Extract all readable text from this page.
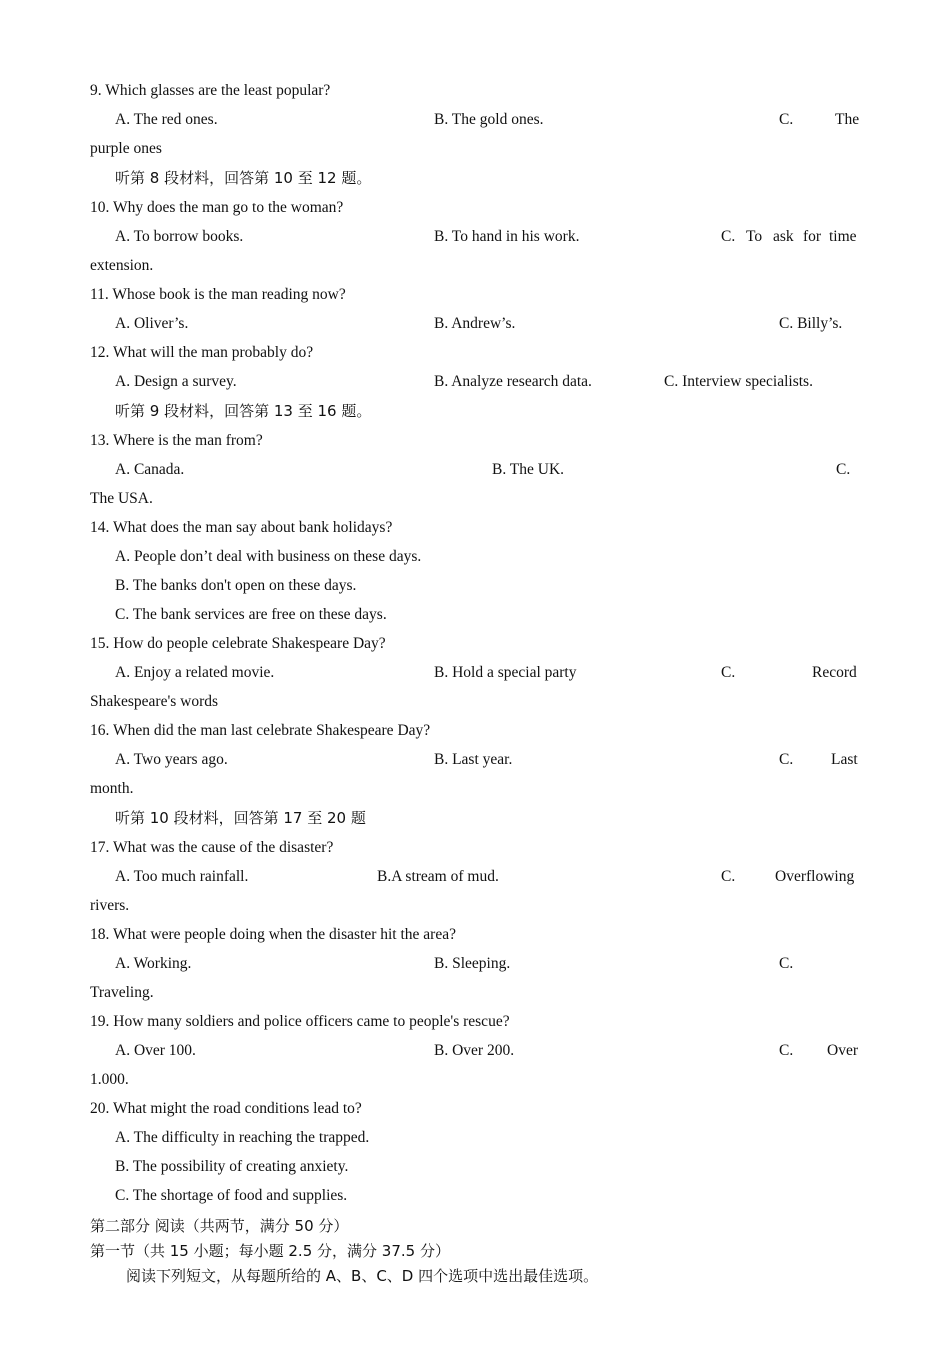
9. Which glasses are the least popular?
A. The red ones.	B. The gold ones.	C.	The
purple ones
听第 8 段材料，回答第 10 至 12 题。
10. Why does the man go to the woman?
A. To borrow books.	B. To hand in his work.	C. To ask for time
extension.
11. Whose book is the man reading now?
A. Oliver’s.	B. Andrew’s.	C. Billy’s.
12. What will the man probably do?
A. Design a survey.	B. Analyze research data.	C. Interview specialists.
听第 9 段材料，回答第 13 至 16 题。
13. Where is the man from?
A. Canada.	B. The UK.	C.
The USA.
14. What does the man say about bank holidays?
A. People don’t deal with business on these days.
B. The banks don't open on these days.
C. The bank services are free on these days.
15. How do people celebrate Shakespeare Day?
A. Enjoy a related movie.	B. Hold a special party	C.	Record
Shakespeare's words
16. When did the man last celebrate Shakespeare Day?
A. Two years ago.	B. Last year.	C. Last
month.
听第 10 段材料，回答第 17 至 20 题
17. What was the cause of the disaster?
A. Too much rainfall.	B.A stream of mud.	C.	Overflowing
rivers.
18. What were people doing when the disaster hit the area?
A. Working.	B. Sleeping.	C.
Traveling.
19. How many soldiers and police officers came to people's rescue?
A. Over 100.	B. Over 200.	C. Over
1.000.
20. What might the road conditions lead to?
A. The difficulty in reaching the trapped.
B. The possibility of creating anxiety.
C. The shortage of food and supplies.
第二部分 阅读（共两节，满分 50 分）
第一节（共 15 小题；每小题 2.5 分，满分 37.5 分）
阅读下列短文，从每题所给的 A、B、C、D 四个选项中选出最佳选项。
